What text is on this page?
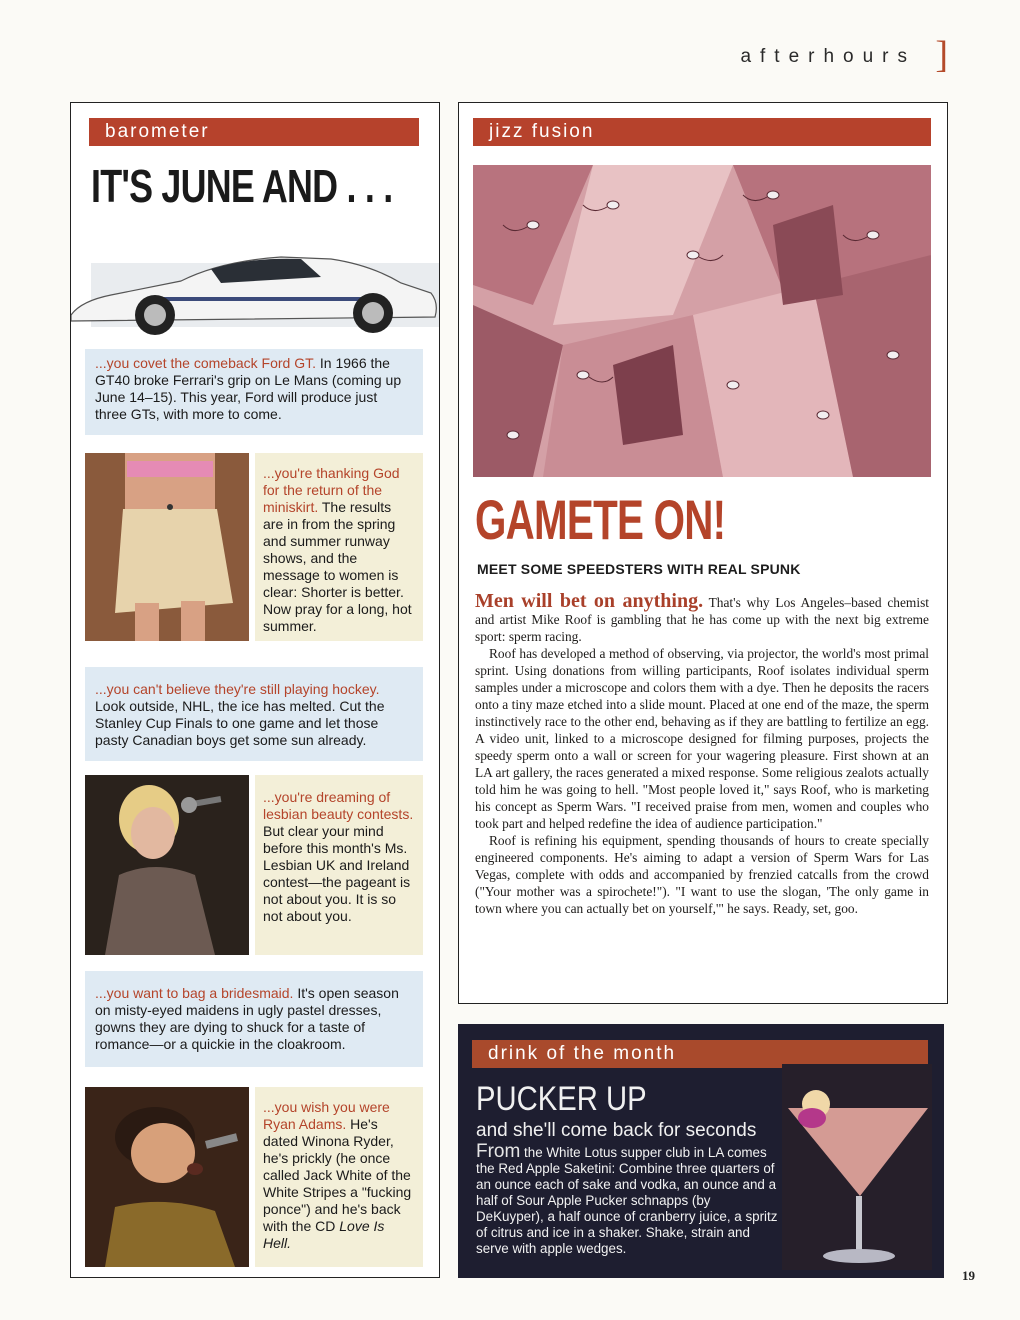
afterhours ]
barometer
IT'S JUNE AND . . .
...you covet the comeback Ford GT. In 1966 the GT40 broke Ferrari's grip on Le Mans (coming up June 14–15). This year, Ford will produce just three GTs, with more to come.
...you're thanking God for the return of the miniskirt. The results are in from the spring and summer runway shows, and the message to women is clear: Shorter is better. Now pray for a long, hot summer.
...you can't believe they're still playing hockey. Look outside, NHL, the ice has melted. Cut the Stanley Cup Finals to one game and let those pasty Canadian boys get some sun already.
...you're dreaming of lesbian beauty contests. But clear your mind before this month's Ms. Lesbian UK and Ireland contest—the pageant is not about you. It is so not about you.
...you want to bag a bridesmaid. It's open season on misty-eyed maidens in ugly pastel dresses, gowns they are dying to shuck for a taste of romance—or a quickie in the cloakroom.
...you wish you were Ryan Adams. He's dated Winona Ryder, he's prickly (he once called Jack White of the White Stripes a "fucking ponce") and he's back with the CD Love Is Hell.
jizz fusion
GAMETE ON!
MEET SOME SPEEDSTERS WITH REAL SPUNK

Men will bet on anything. That's why Los Angeles–based chemist and artist Mike Roof is gambling that he has come up with the next big extreme sport: sperm racing.

Roof has developed a method of observing, via projector, the world's most primal sprint. Using donations from willing participants, Roof isolates individual sperm samples under a microscope and colors them with a dye. Then he deposits the racers onto a tiny maze etched into a slide mount. Placed at one end of the maze, the sperm instinctively race to the other end, behaving as if they are battling to fertilize an egg. A video unit, linked to a microscope designed for filming purposes, projects the speedy sperm onto a wall or screen for your wagering pleasure. First shown at an LA art gallery, the races generated a mixed response. Some religious zealots actually told him he was going to hell. "Most people loved it," says Roof, who is marketing his concept as Sperm Wars. "I received praise from men, women and couples who took part and helped redefine the idea of audience participation."

Roof is refining his equipment, spending thousands of hours to create specially engineered components. He's aiming to adapt a version of Sperm Wars for Las Vegas, complete with odds and accompanied by frenzied catcalls from the crowd ("Your mother was a spirochete!"). "I want to use the slogan, 'The only game in town where you can actually bet on yourself,'" he says. Ready, set, goo.

drink of the month
PUCKER UP
and she'll come back for seconds
From the White Lotus supper club in LA comes the Red Apple Saketini: Combine three quarters of an ounce each of sake and vodka, an ounce and a half of Sour Apple Pucker schnapps (by DeKuyper), a half ounce of cranberry juice, a spritz of citrus and ice in a shaker. Shake, strain and serve with apple wedges.
19
